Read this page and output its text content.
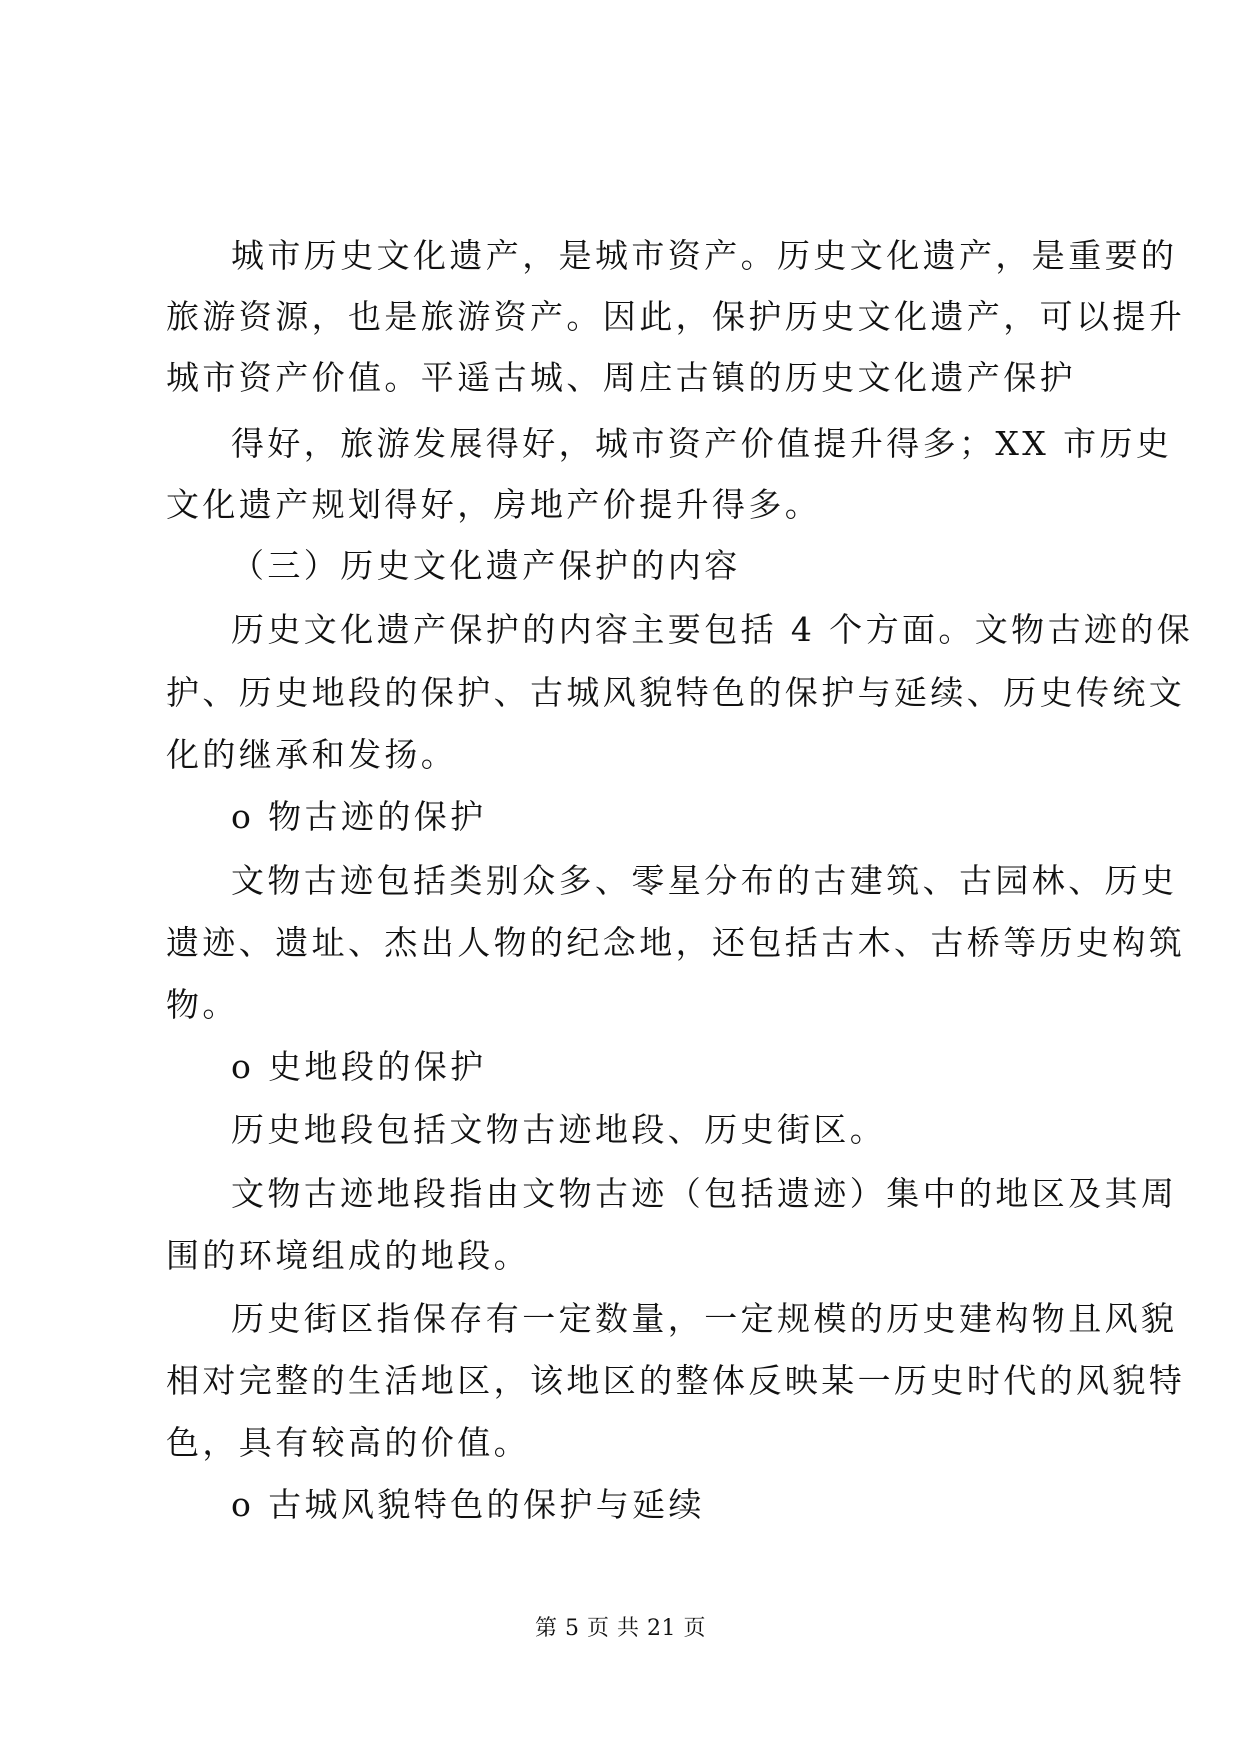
城市历史文化遗产，是城市资产。历史文化遗产，是重要的
旅游资源，也是旅游资产。因此，保护历史文化遗产，可以提升
城市资产价值。平遥古城、周庄古镇的历史文化遗产保护
得好，旅游发展得好，城市资产价值提升得多；XX 市历史
文化遗产规划得好，房地产价提升得多。
（三）历史文化遗产保护的内容
历史文化遗产保护的内容主要包括 4 个方面。文物古迹的保
护、历史地段的保护、古城风貌特色的保护与延续、历史传统文
化的继承和发扬。
o 物古迹的保护
文物古迹包括类别众多、零星分布的古建筑、古园林、历史
遗迹、遗址、杰出人物的纪念地，还包括古木、古桥等历史构筑
物。
o 史地段的保护
历史地段包括文物古迹地段、历史街区。
文物古迹地段指由文物古迹（包括遗迹）集中的地区及其周
围的环境组成的地段。
历史街区指保存有一定数量，一定规模的历史建构物且风貌
相对完整的生活地区，该地区的整体反映某一历史时代的风貌特
色，具有较高的价值。
o 古城风貌特色的保护与延续
第 5 页 共 21 页
